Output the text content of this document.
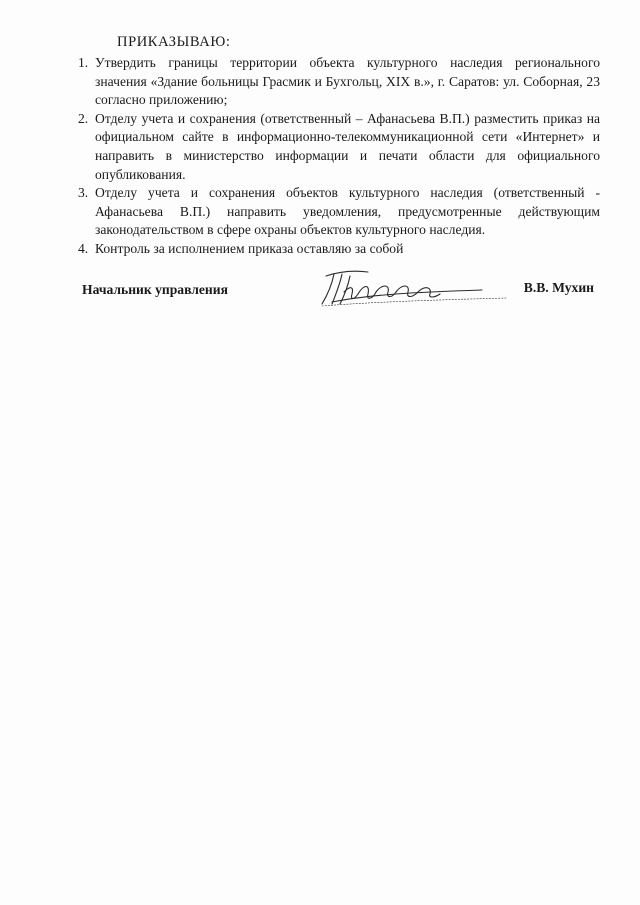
ПРИКАЗЫВАЮ:

1. Утвердить границы территории объекта культурного наследия регионального значения «Здание больницы Грасмик и Бухгольц, XIX в.», г. Саратов: ул. Соборная, 23 согласно приложению;
2. Отделу учета и сохранения (ответственный – Афанасьева В.П.) разместить приказ на официальном сайте в информационно-телекоммуникационной сети «Интернет» и направить в министерство информации и печати области для официального опубликования.
3. Отделу учета и сохранения объектов культурного наследия (ответственный - Афанасьева В.П.) направить уведомления, предусмотренные действующим законодательством в сфере охраны объектов культурного наследия.
4. Контроль за исполнением приказа оставляю за собой
Начальник управления	В.В. Мухин
